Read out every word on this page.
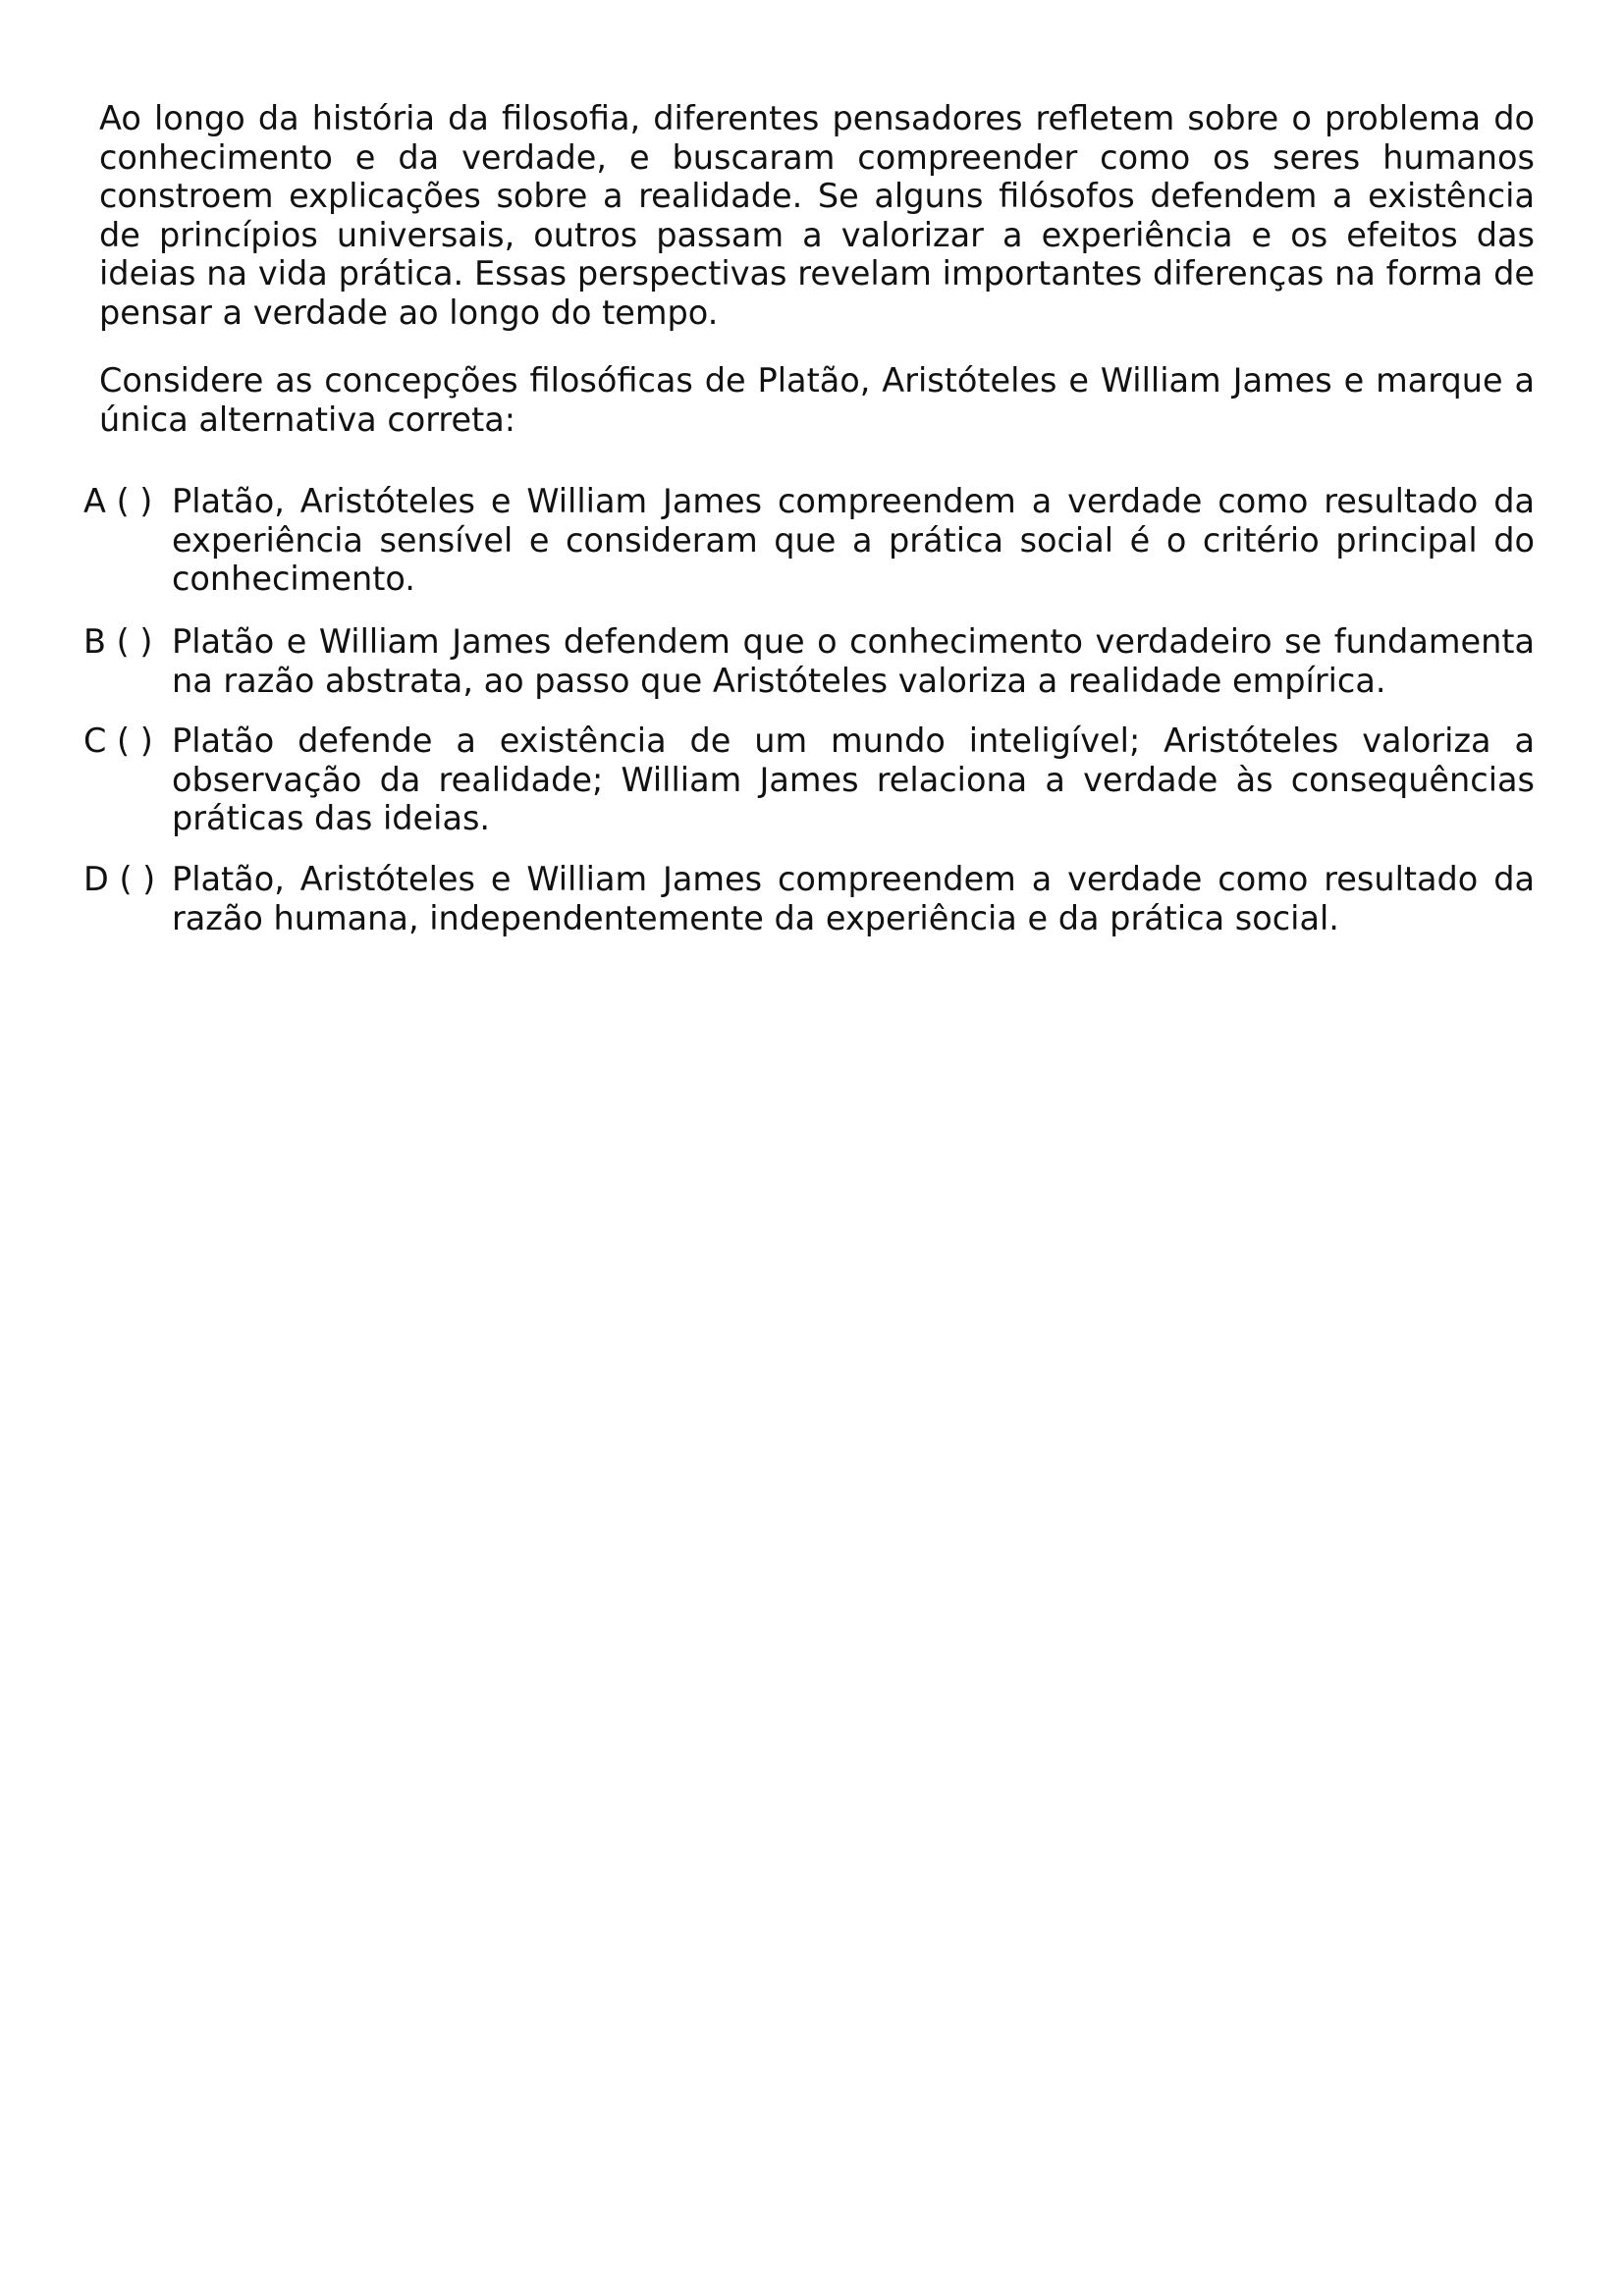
Ao longo da história da filosofia, diferentes pensadores refletem sobre o problema do conhecimento e da verdade, e buscaram compreender como os seres humanos constroem explicações sobre a realidade. Se alguns filósofos defendem a existência de princípios universais, outros passam a valorizar a experiência e os efeitos das ideias na vida prática. Essas perspectivas revelam importantes diferenças na forma de pensar a verdade ao longo do tempo.

Considere as concepções filosóficas de Platão, Aristóteles e William James e marque a única alternativa correta:

A ( ) Platão, Aristóteles e William James compreendem a verdade como resultado da experiência sensível e consideram que a prática social é o critério principal do conhecimento.
B ( ) Platão e William James defendem que o conhecimento verdadeiro se fundamenta na razão abstrata, ao passo que Aristóteles valoriza a realidade empírica.
C ( ) Platão defende a existência de um mundo inteligível; Aristóteles valoriza a observação da realidade; William James relaciona a verdade às consequências práticas das ideias.
D ( ) Platão, Aristóteles e William James compreendem a verdade como resultado da razão humana, independentemente da experiência e da prática social.
